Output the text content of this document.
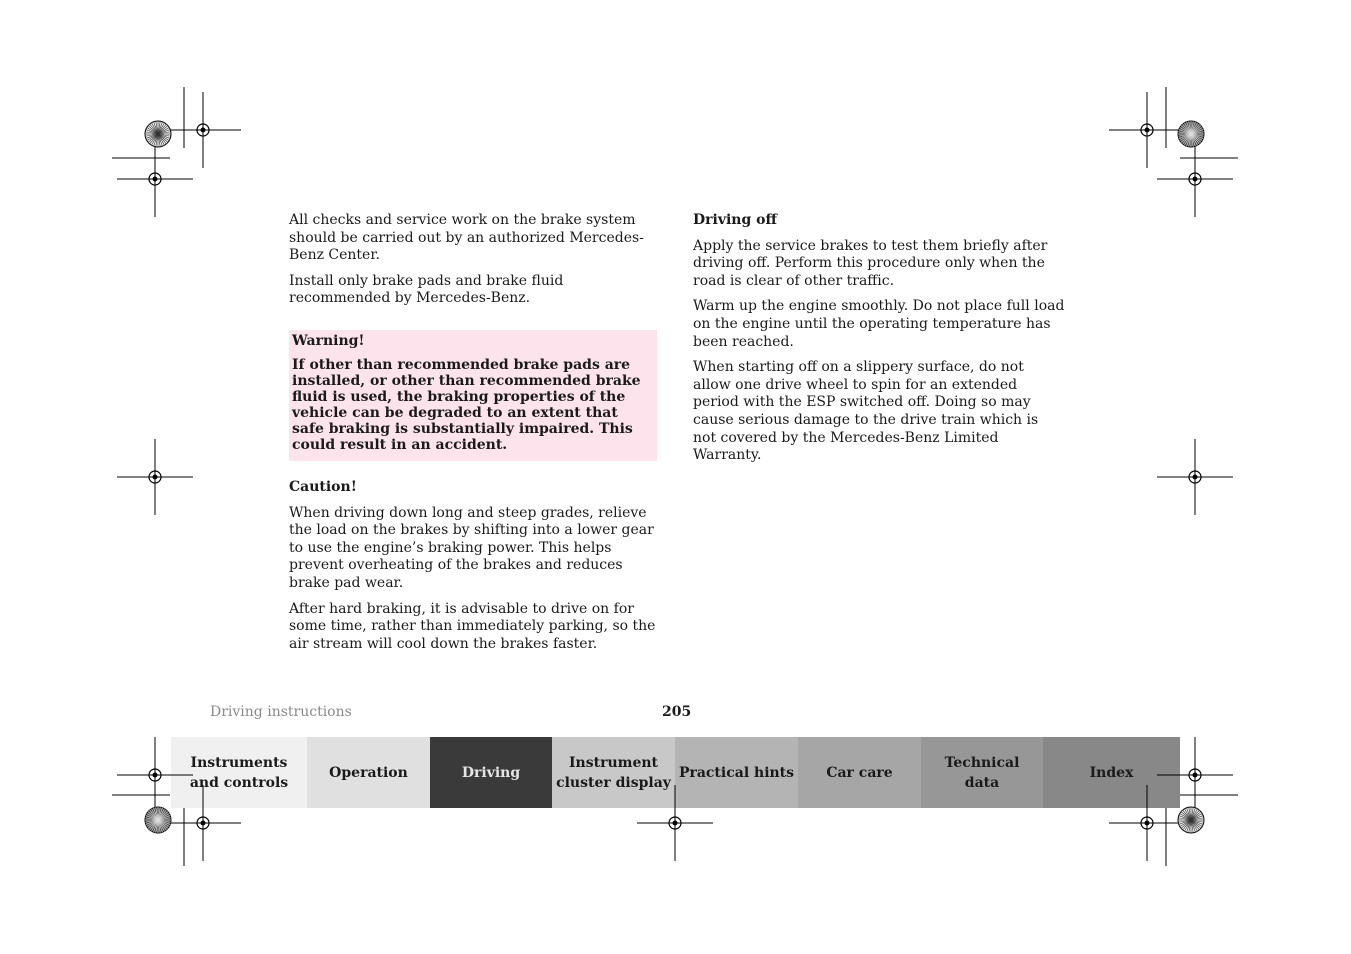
All checks and service work on the brake system should be carried out by an authorized Mercedes-Benz Center.

Install only brake pads and brake fluid recommended by Mercedes-Benz.

Warning!

If other than recommended brake pads are installed, or other than recommended brake fluid is used, the braking properties of the vehicle can be degraded to an extent that safe braking is substantially impaired. This could result in an accident.

Caution!

When driving down long and steep grades, relieve the load on the brakes by shifting into a lower gear to use the engine’s braking power. This helps prevent overheating of the brakes and reduces brake pad wear.

After hard braking, it is advisable to drive on for some time, rather than immediately parking, so the air stream will cool down the brakes faster.

Driving off

Apply the service brakes to test them briefly after driving off. Perform this procedure only when the road is clear of other traffic.

Warm up the engine smoothly. Do not place full load on the engine until the operating temperature has been reached.

When starting off on a slippery surface, do not allow one drive wheel to spin for an extended period with the ESP switched off. Doing so may cause serious damage to the drive train which is not covered by the Mercedes-Benz Limited Warranty.

Driving instructions	205
Instruments
and controls
Operation	Driving
Instrument
cluster display
Practical hints	Car care
Technical
data
Index
